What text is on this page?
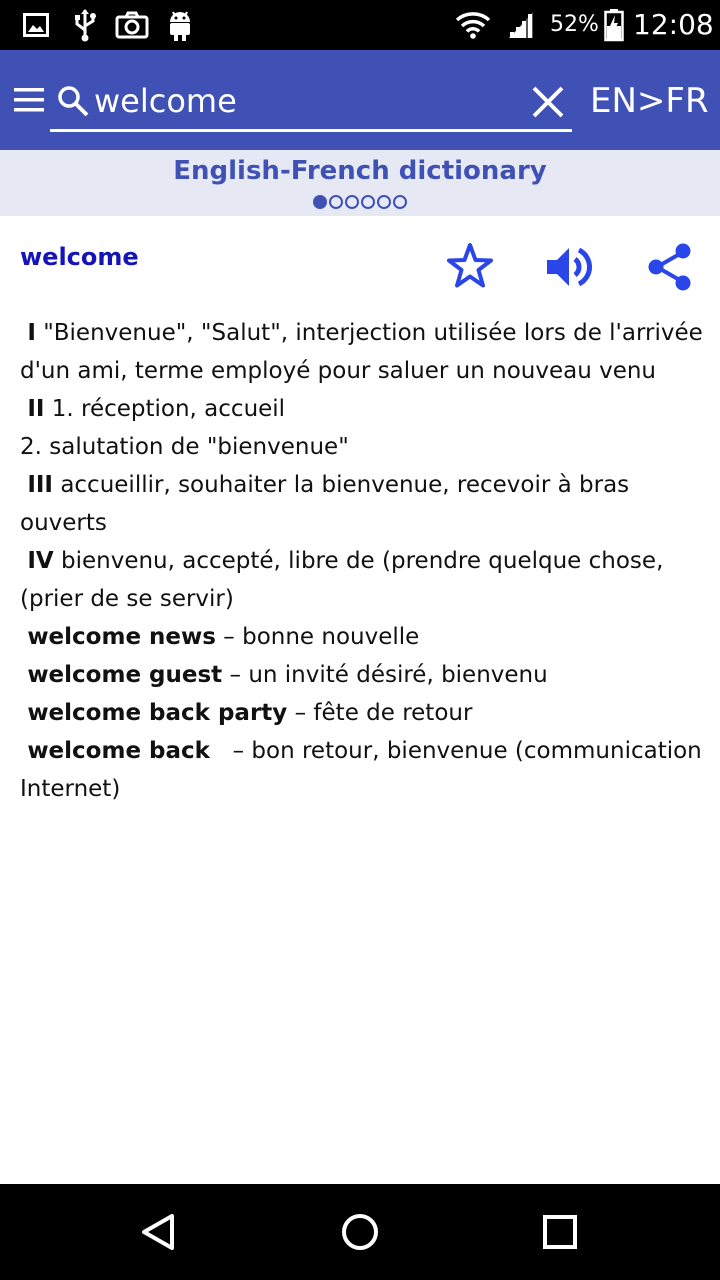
52% 12:08
welcome
EN>FR
English-French dictionary
welcome

I "Bienvenue", "Salut", interjection utilisée lors de l'arrivée d'un ami, terme employé pour saluer un nouveau venu

II 1. réception, accueil

2. salutation de "bienvenue"

III accueillir, souhaiter la bienvenue, recevoir à bras ouverts

IV bienvenu, accepté, libre de (prendre quelque chose, (prier de se servir)

welcome news – bonne nouvelle

welcome guest – un invité désiré, bienvenu

welcome back party – fête de retour

welcome back   – bon retour, bienvenue (communication Internet)
